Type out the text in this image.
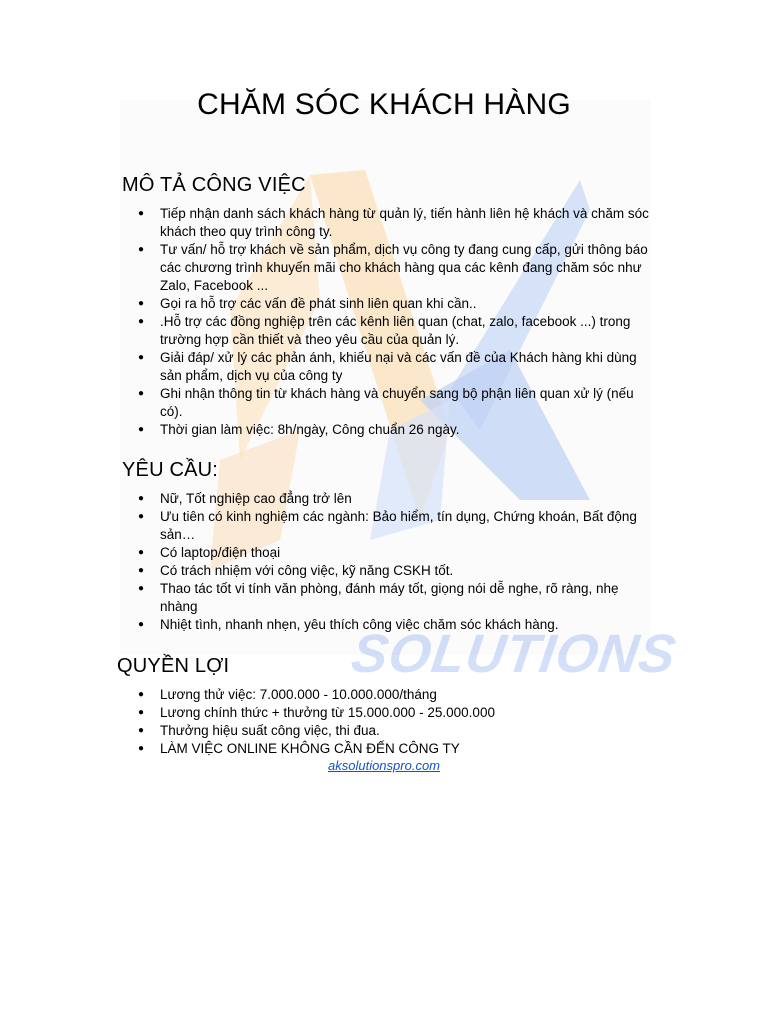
SOLUTIONS
CHĂM SÓC KHÁCH HÀNG
MÔ TẢ CÔNG VIỆC
● Tiếp nhận danh sách khách hàng từ quản lý, tiến hành liên hệ khách và chăm sóc khách theo quy trình công ty.
● Tư vấn/ hỗ trợ khách về sản phẩm, dịch vụ công ty đang cung cấp, gửi thông báo các chương trình khuyến mãi cho khách hàng qua các kênh đang chăm sóc như Zalo, Facebook ...
● Gọi ra hỗ trợ các vấn đề phát sinh liên quan khi cần..
● .Hỗ trợ các đồng nghiệp trên các kênh liên quan (chat, zalo, facebook ...) trong trường hợp cần thiết và theo yêu cầu của quản lý.
● Giải đáp/ xử lý các phản ánh, khiếu nại và các vấn đề của Khách hàng khi dùng sản phẩm, dịch vụ của công ty
● Ghi nhận thông tin từ khách hàng và chuyển sang bộ phận liên quan xử lý (nếu có).
● Thời gian làm việc: 8h/ngày, Công chuẩn 26 ngày.
YÊU CẦU:
● Nữ, Tốt nghiệp cao đẳng trở lên
● Ưu tiên có kinh nghiệm các ngành: Bảo hiểm, tín dụng, Chứng khoán, Bất động sản…
● Có laptop/điện thoại
● Có trách nhiệm với công việc, kỹ năng CSKH tốt.
● Thao tác tốt vi tính văn phòng, đánh máy tốt, giọng nói dễ nghe, rõ ràng, nhẹ nhàng
● Nhiệt tình, nhanh nhẹn, yêu thích công việc chăm sóc khách hàng.
QUYỀN LỢI
● Lương thử việc: 7.000.000 - 10.000.000/tháng
● Lương chính thức + thưởng từ 15.000.000 - 25.000.000
● Thưởng hiệu suất công việc, thi đua.
● LÀM VIỆC ONLINE KHÔNG CẦN ĐẾN CÔNG TY
aksolutionspro.com
